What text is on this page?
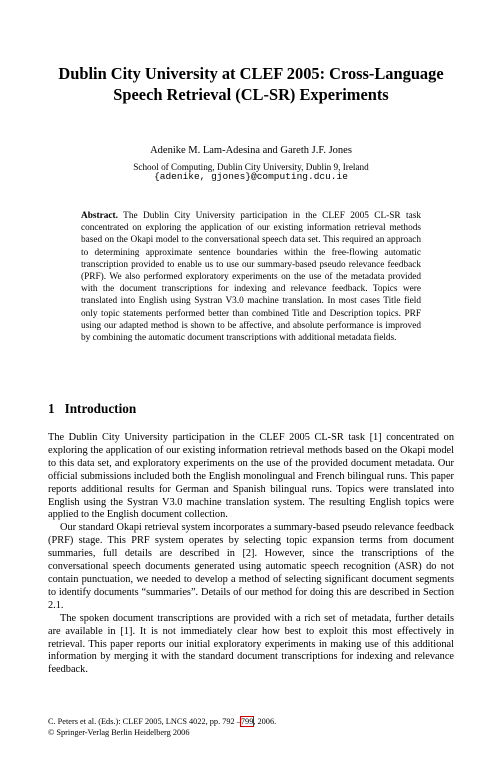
Dublin City University at CLEF 2005: Cross-Language Speech Retrieval (CL-SR) Experiments
Adenike M. Lam-Adesina and Gareth J.F. Jones
School of Computing, Dublin City University, Dublin 9, Ireland
{adenike, gjones}@computing.dcu.ie
Abstract. The Dublin City University participation in the CLEF 2005 CL-SR task concentrated on exploring the application of our existing information retrieval methods based on the Okapi model to the conversational speech data set. This required an approach to determining approximate sentence boundaries within the free-flowing automatic transcription provided to enable us to use our summary-based pseudo relevance feedback (PRF). We also performed exploratory experiments on the use of the metadata provided with the document transcriptions for indexing and relevance feedback. Topics were translated into English using Systran V3.0 machine translation. In most cases Title field only topic statements performed better than combined Title and Description topics. PRF using our adapted method is shown to be affective, and absolute performance is improved by combining the automatic document transcriptions with additional metadata fields.
1 Introduction

The Dublin City University participation in the CLEF 2005 CL-SR task [1] concentrated on exploring the application of our existing information retrieval methods based on the Okapi model to this data set, and exploratory experiments on the use of the provided document metadata. Our official submissions included both the English monolingual and French bilingual runs. This paper reports additional results for German and Spanish bilingual runs. Topics were translated into English using the Systran V3.0 machine translation system. The resulting English topics were applied to the English document collection.

Our standard Okapi retrieval system incorporates a summary-based pseudo relevance feedback (PRF) stage. This PRF system operates by selecting topic expansion terms from document summaries, full details are described in [2]. However, since the transcriptions of the conversational speech documents generated using automatic speech recognition (ASR) do not contain punctuation, we needed to develop a method of selecting significant document segments to identify documents “summaries”. Details of our method for doing this are described in Section 2.1.

The spoken document transcriptions are provided with a rich set of metadata, further details are available in [1]. It is not immediately clear how best to exploit this most effectively in retrieval. This paper reports our initial exploratory experiments in making use of this additional information by merging it with the standard document transcriptions for indexing and relevance feedback.

C. Peters et al. (Eds.): CLEF 2005, LNCS 4022, pp. 792 –799, 2006.
© Springer-Verlag Berlin Heidelberg 2006
